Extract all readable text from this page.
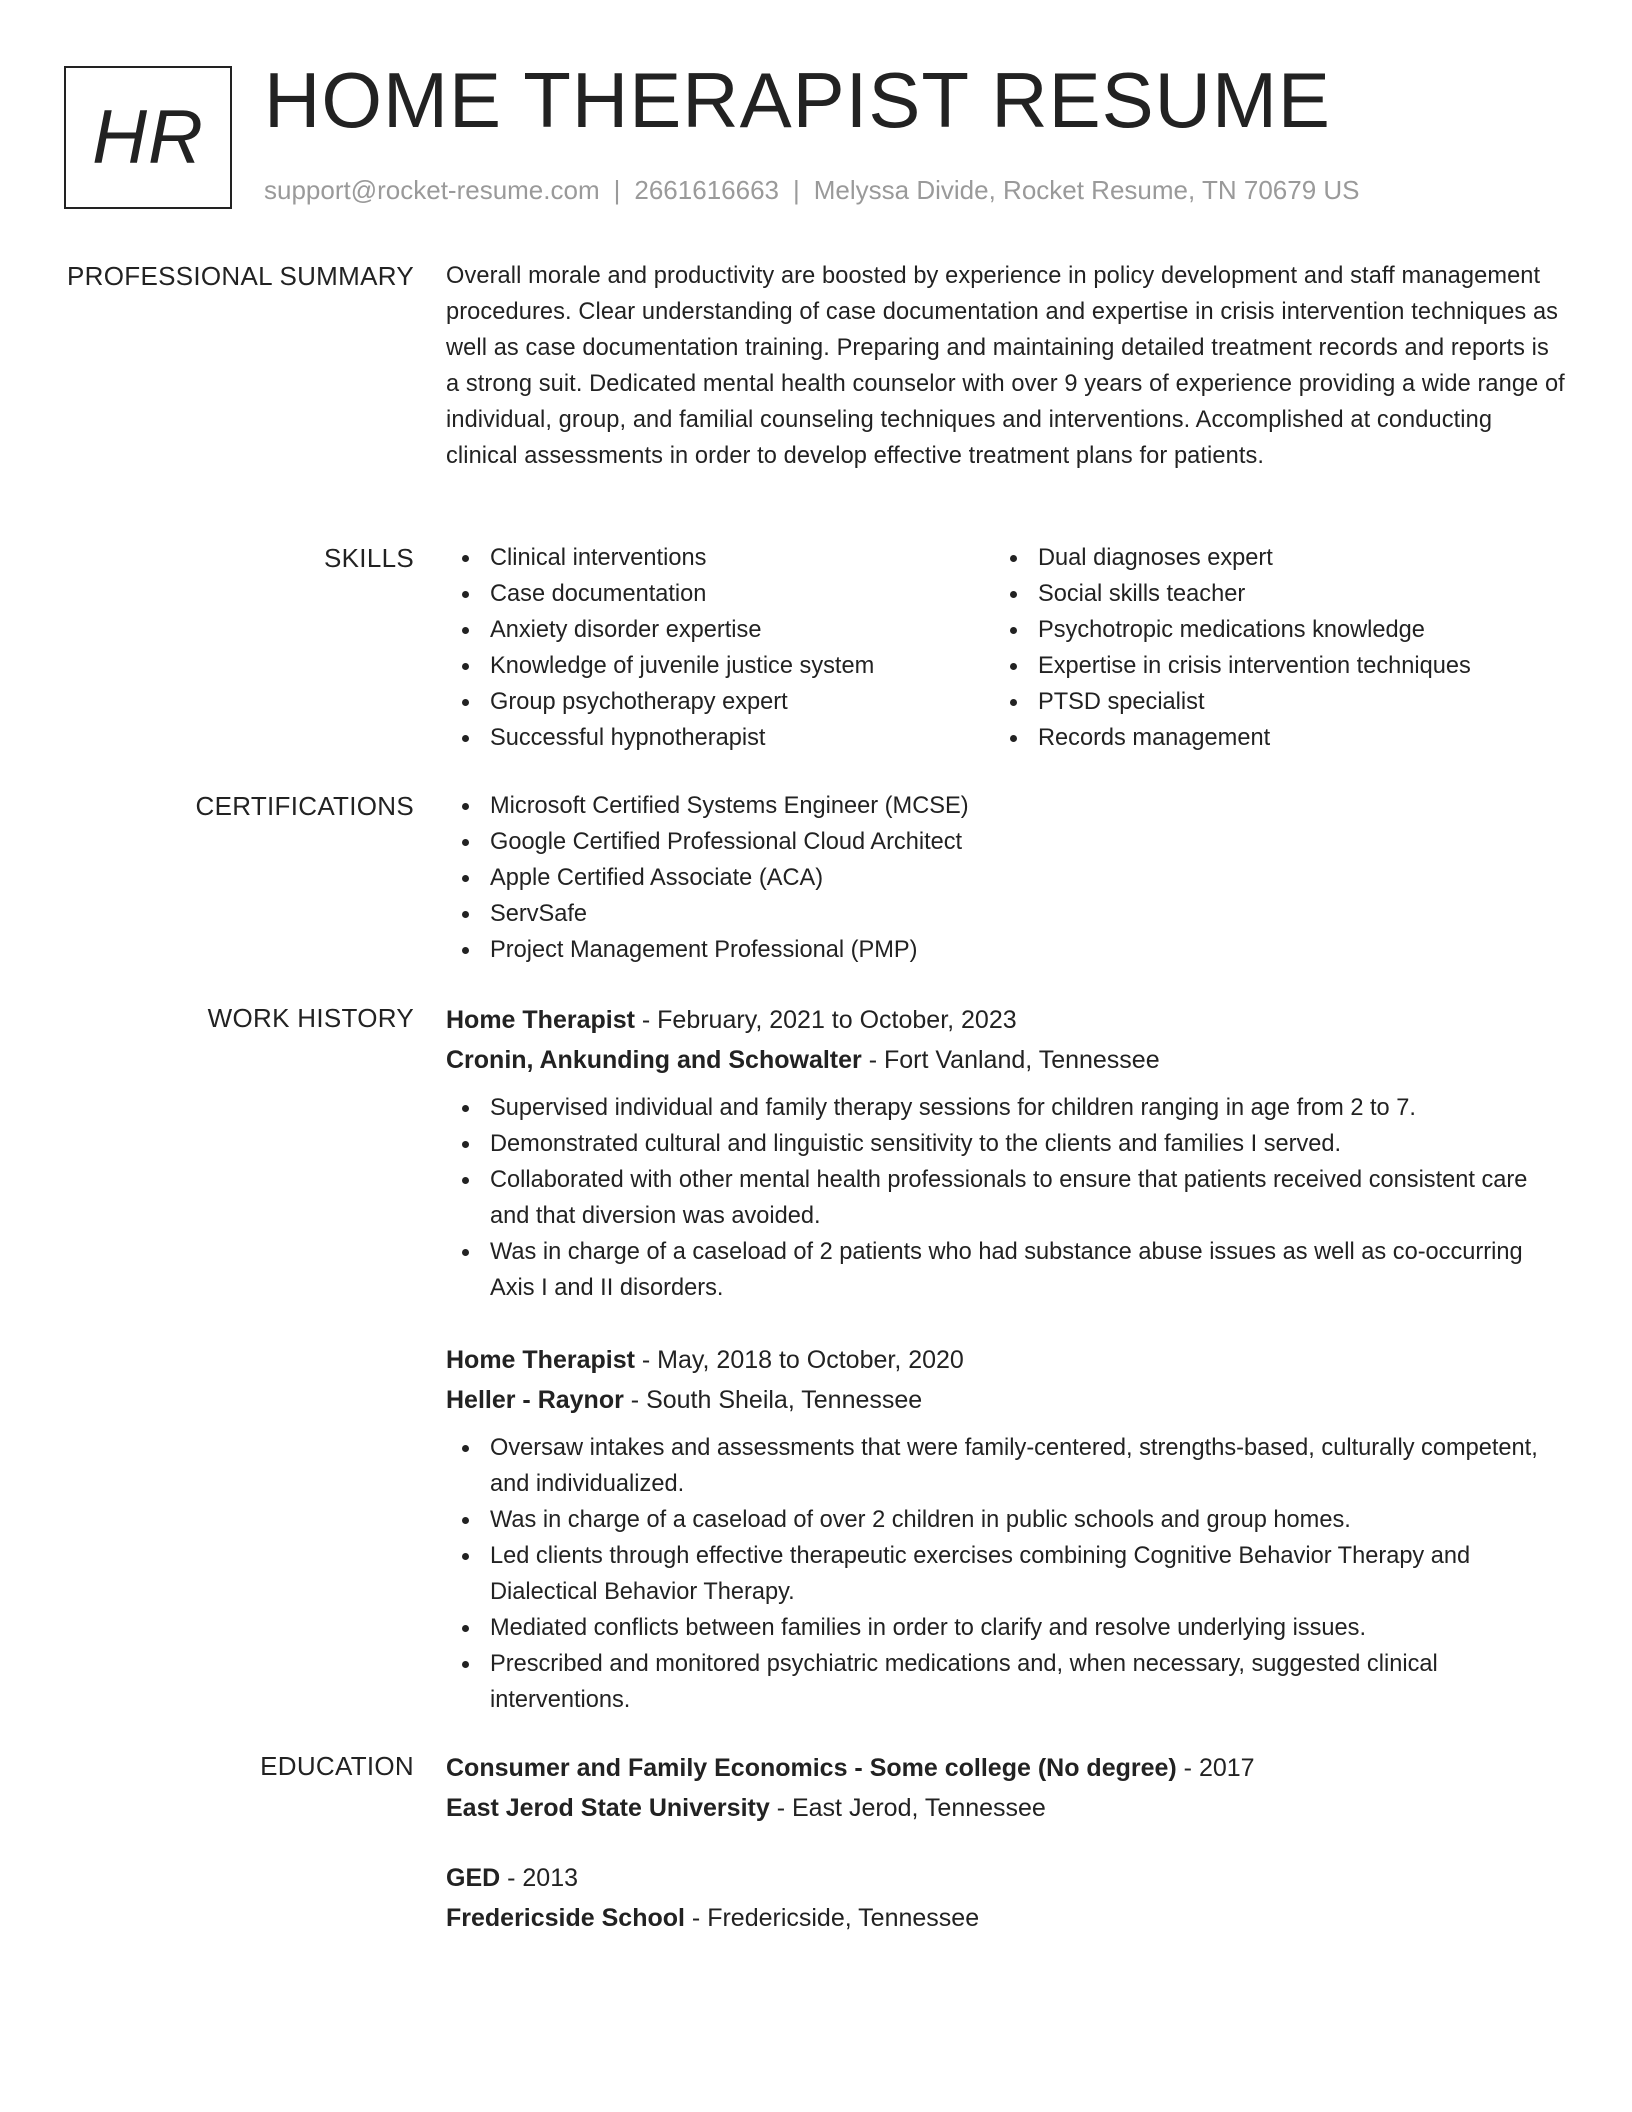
HR HOME THERAPIST RESUME
support@rocket-resume.com | 2661616663 | Melyssa Divide, Rocket Resume, TN 70679 US
PROFESSIONAL SUMMARY Overall morale and productivity are boosted by experience in policy development and staff management procedures. Clear understanding of case documentation and expertise in crisis intervention techniques as well as case documentation training. Preparing and maintaining detailed treatment records and reports is a strong suit. Dedicated mental health counselor with over 9 years of experience providing a wide range of individual, group, and familial counseling techniques and interventions. Accomplished at conducting clinical assessments in order to develop effective treatment plans for patients.
SKILLS	Clinical interventions
Case documentation
Anxiety disorder expertise
Knowledge of juvenile justice system
Group psychotherapy expert
Successful hypnotherapist
Dual diagnoses expert
Social skills teacher
Psychotropic medications knowledge
Expertise in crisis intervention techniques
PTSD specialist
Records management
CERTIFICATIONS	Microsoft Certified Systems Engineer (MCSE)
Google Certified Professional Cloud Architect
Apple Certified Associate (ACA)
ServSafe
Project Management Professional (PMP)
WORK HISTORY Home Therapist - February, 2021 to October, 2023
Cronin, Ankunding and Schowalter - Fort Vanland, Tennessee
Supervised individual and family therapy sessions for children ranging in age from 2 to 7.
Demonstrated cultural and linguistic sensitivity to the clients and families I served.
Collaborated with other mental health professionals to ensure that patients received consistent care and that diversion was avoided.
Was in charge of a caseload of 2 patients who had substance abuse issues as well as co-occurring Axis I and II disorders.
Home Therapist - May, 2018 to October, 2020
Heller - Raynor - South Sheila, Tennessee
Oversaw intakes and assessments that were family-centered, strengths-based, culturally competent, and individualized.
Was in charge of a caseload of over 2 children in public schools and group homes.
Led clients through effective therapeutic exercises combining Cognitive Behavior Therapy and Dialectical Behavior Therapy.
Mediated conflicts between families in order to clarify and resolve underlying issues.
Prescribed and monitored psychiatric medications and, when necessary, suggested clinical interventions.
EDUCATION Consumer and Family Economics - Some college (No degree) - 2017
East Jerod State University - East Jerod, Tennessee
GED - 2013
Fredericside School - Fredericside, Tennessee
